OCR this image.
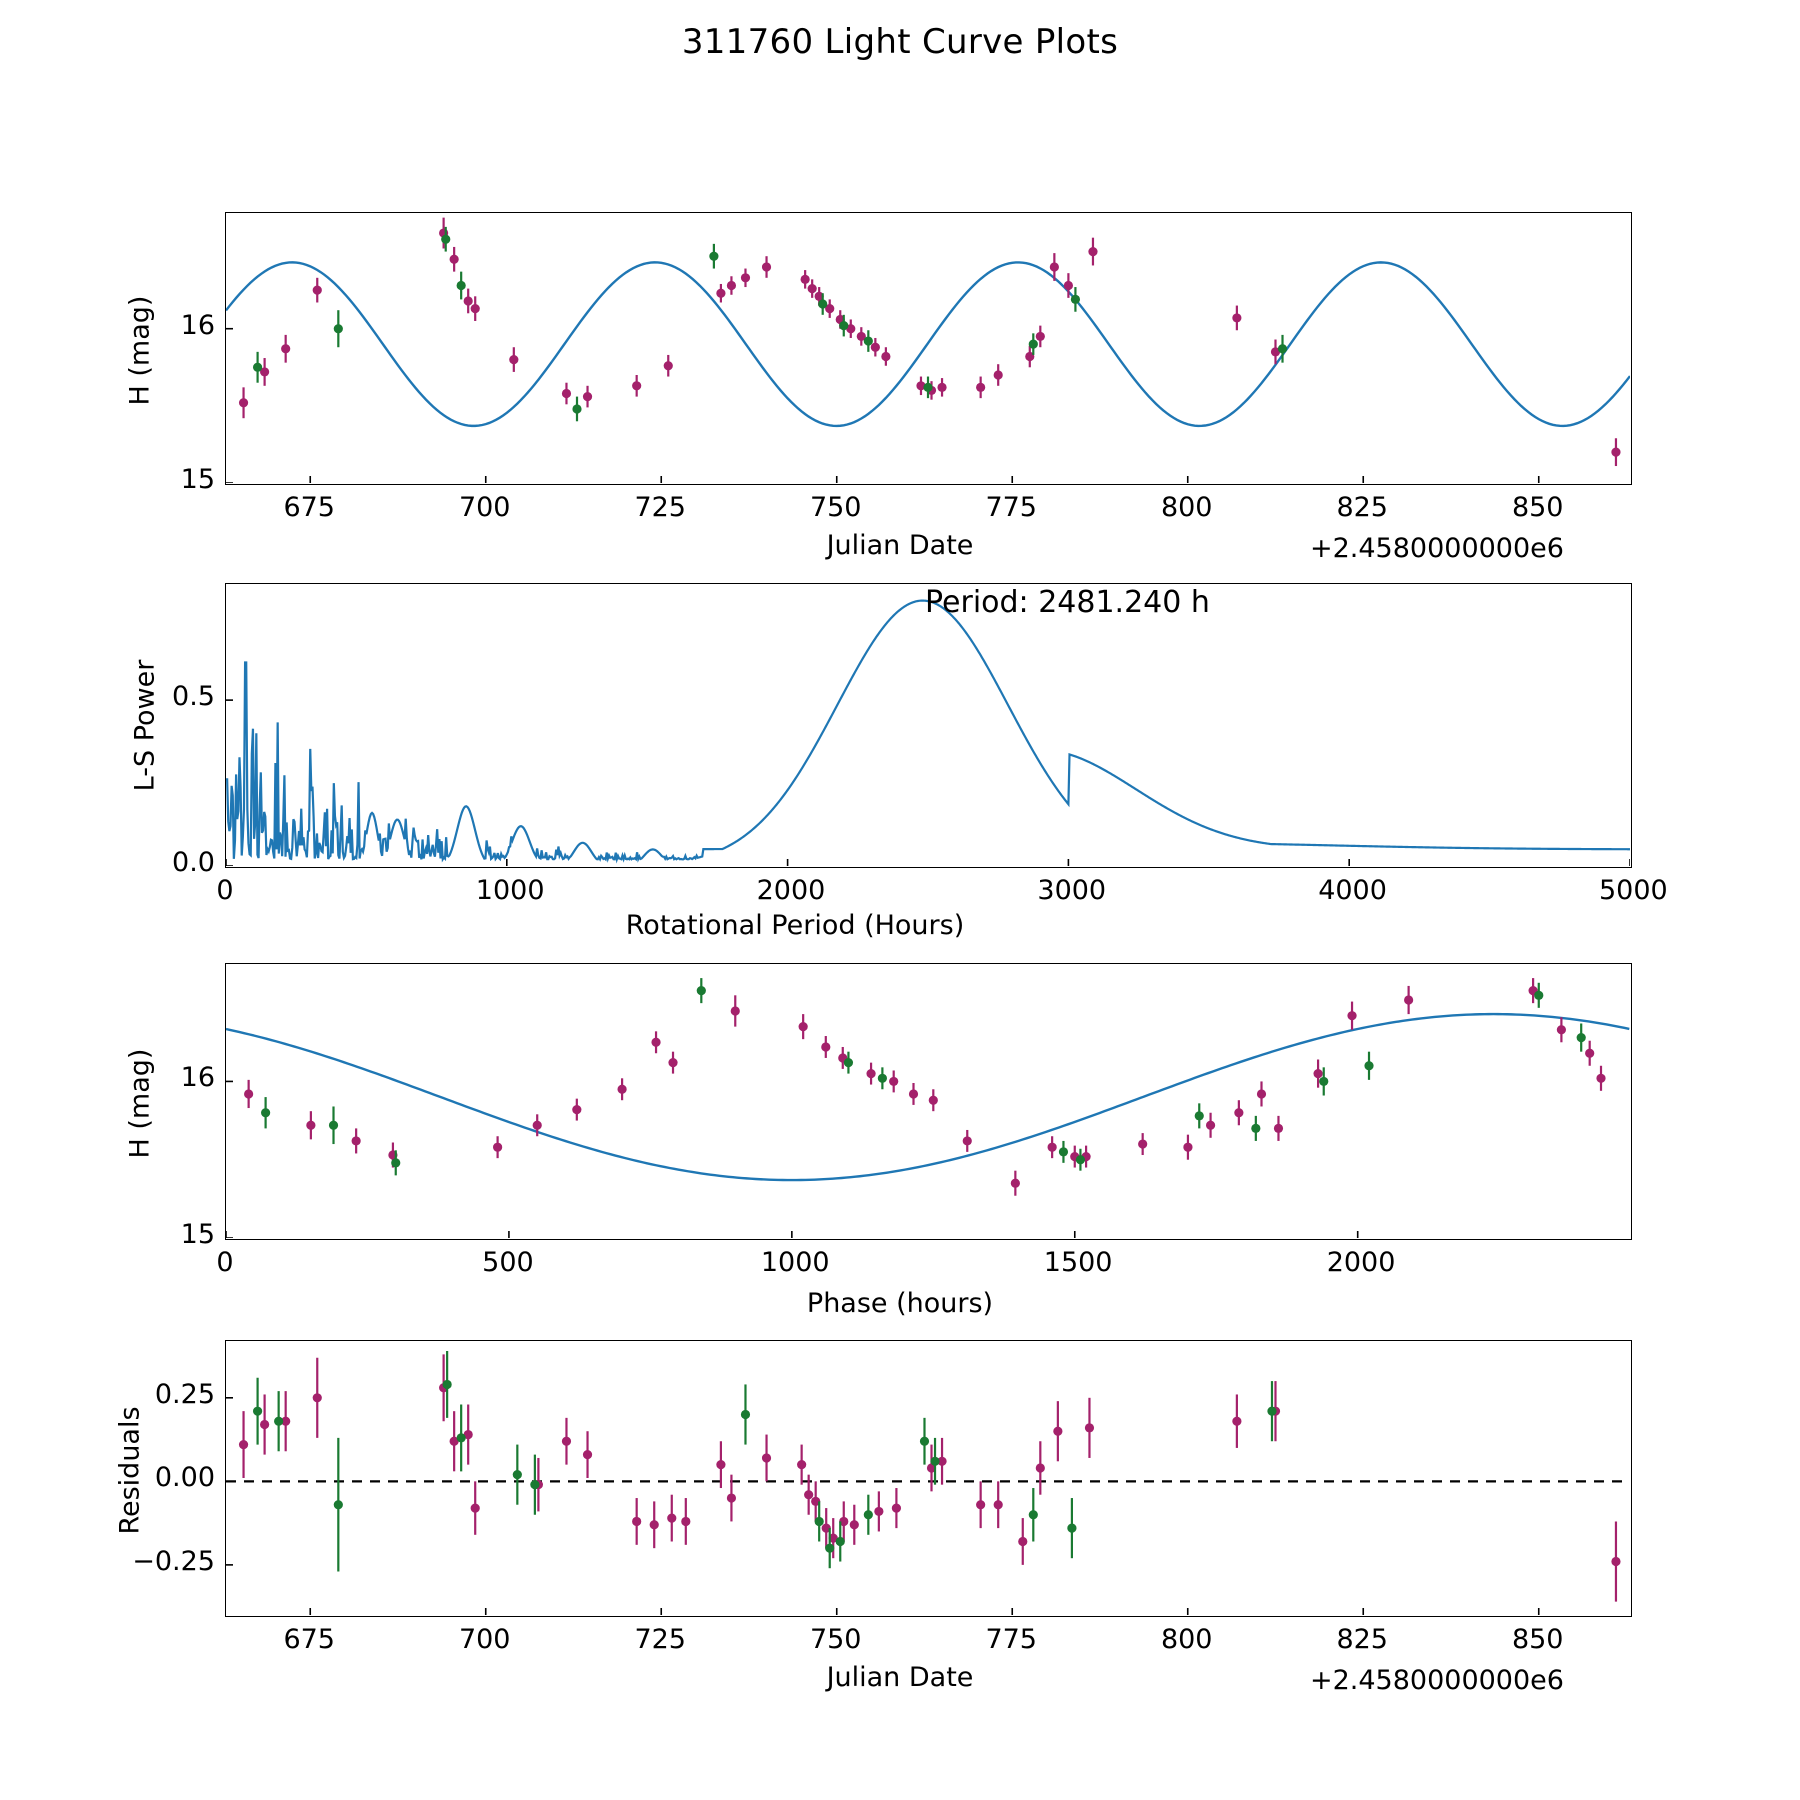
311760 Light Curve Plots
H (mag)
Julian Date	+2.4580000000e6
675	700	725	750	775	800	825	850
15
16
Period: 2481.240 h
L-S Power
Rotational Period (Hours)
0	1000	2000	3000	4000	5000
0.0
0.5
H (mag)
Phase (hours)
0	500	1000	1500	2000
15
16
Residuals
Julian Date	+2.4580000000e6
675	700	725	750	775	800	825	850
−0.25
0.00
0.25
